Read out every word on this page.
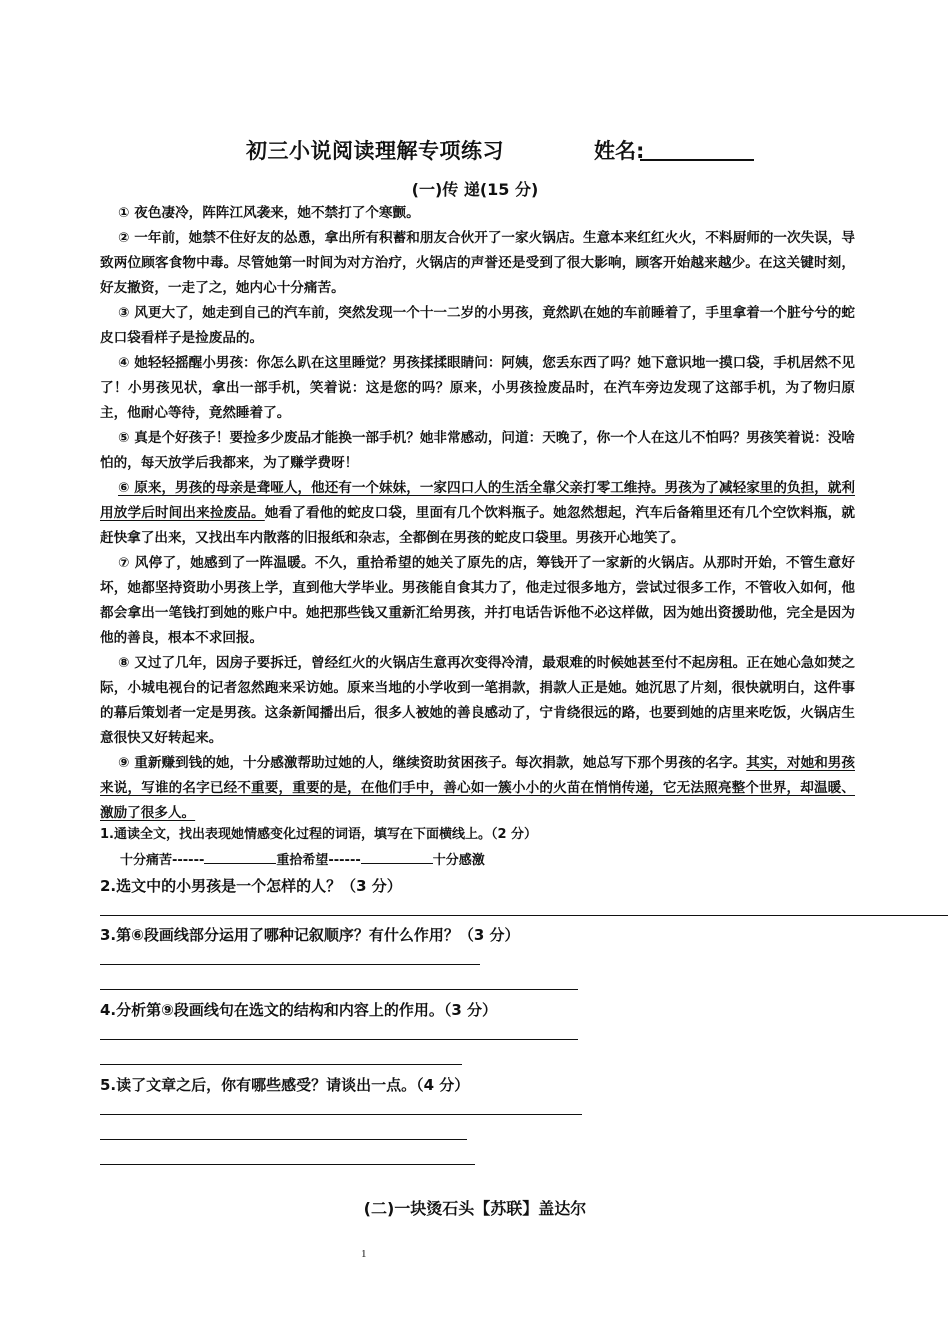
初三小说阅读理解专项练习	姓名:
(一)传 递(15 分)

① 夜色凄冷，阵阵江风袭来，她不禁打了个寒颤。

② 一年前，她禁不住好友的怂恿，拿出所有积蓄和朋友合伙开了一家火锅店。生意本来红红火火，不料厨师的一次失误，导致两位顾客食物中毒。尽管她第一时间为对方治疗，火锅店的声誉还是受到了很大影响，顾客开始越来越少。在这关键时刻，好友撤资，一走了之，她内心十分痛苦。

③ 风更大了，她走到自己的汽车前，突然发现一个十一二岁的小男孩，竟然趴在她的车前睡着了，手里拿着一个脏兮兮的蛇皮口袋看样子是捡废品的。

④ 她轻轻摇醒小男孩：你怎么趴在这里睡觉？男孩揉揉眼睛问：阿姨，您丢东西了吗？她下意识地一摸口袋，手机居然不见了！小男孩见状，拿出一部手机，笑着说：这是您的吗？原来，小男孩捡废品时，在汽车旁边发现了这部手机，为了物归原主，他耐心等待，竟然睡着了。

⑤ 真是个好孩子！要捡多少废品才能换一部手机？她非常感动，问道：天晚了，你一个人在这儿不怕吗？男孩笑着说：没啥怕的，每天放学后我都来，为了赚学费呀！

⑥ 原来，男孩的母亲是聋哑人，他还有一个妹妹，一家四口人的生活全靠父亲打零工维持。男孩为了减轻家里的负担，就利用放学后时间出来捡废品。她看了看他的蛇皮口袋，里面有几个饮料瓶子。她忽然想起，汽车后备箱里还有几个空饮料瓶，就赶快拿了出来，又找出车内散落的旧报纸和杂志，全都倒在男孩的蛇皮口袋里。男孩开心地笑了。

⑦ 风停了，她感到了一阵温暖。不久，重拾希望的她关了原先的店，筹钱开了一家新的火锅店。从那时开始，不管生意好坏，她都坚持资助小男孩上学，直到他大学毕业。男孩能自食其力了，他走过很多地方，尝试过很多工作，不管收入如何，他都会拿出一笔钱打到她的账户中。她把那些钱又重新汇给男孩，并打电话告诉他不必这样做，因为她出资援助他，完全是因为他的善良，根本不求回报。

⑧ 又过了几年，因房子要拆迁，曾经红火的火锅店生意再次变得冷清，最艰难的时候她甚至付不起房租。正在她心急如焚之际，小城电视台的记者忽然跑来采访她。原来当地的小学收到一笔捐款，捐款人正是她。她沉思了片刻，很快就明白，这件事的幕后策划者一定是男孩。这条新闻播出后，很多人被她的善良感动了，宁肯绕很远的路，也要到她的店里来吃饭，火锅店生意很快又好转起来。

⑨ 重新赚到钱的她，十分感激帮助过她的人，继续资助贫困孩子。每次捐款，她总写下那个男孩的名字。其实，对她和男孩来说，写谁的名字已经不重要，重要的是，在他们手中，善心如一簇小小的火苗在悄悄传递，它无法照亮整个世界，却温暖、激励了很多人。

1.通读全文，找出表现她情感变化过程的词语，填写在下面横线上。（2 分）
十分痛苦------	重拾希望------	十分感激
2.选文中的小男孩是一个怎样的人？（3 分）
3.第⑥段画线部分运用了哪种记叙顺序？有什么作用？（3 分）
4.分析第⑨段画线句在选文的结构和内容上的作用。（3 分）
5.读了文章之后，你有哪些感受？请谈出一点。（4 分）
(二)一块烫石头【苏联】盖达尔
1
